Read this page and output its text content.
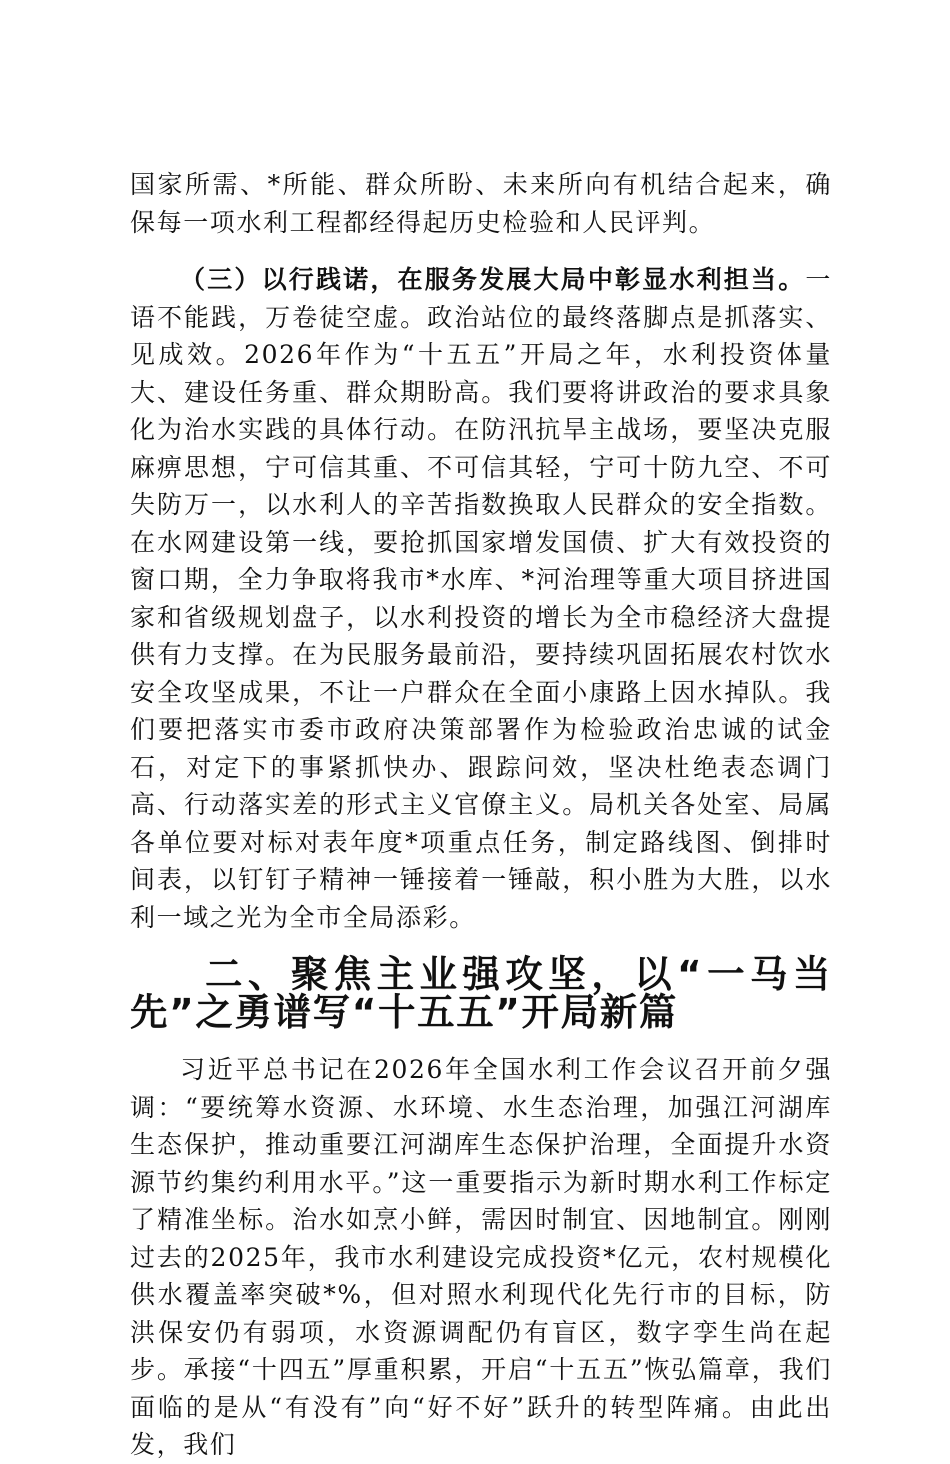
国家所需、*所能、群众所盼、未来所向有机结合起来，确保每一项水利工程都经得起历史检验和人民评判。

（三）以行践诺，在服务发展大局中彰显水利担当。一语不能践，万卷徒空虚。政治站位的最终落脚点是抓落实、见成效。2026年作为“十五五”开局之年，水利投资体量大、建设任务重、群众期盼高。我们要将讲政治的要求具象化为治水实践的具体行动。在防汛抗旱主战场，要坚决克服麻痹思想，宁可信其重、不可信其轻，宁可十防九空、不可失防万一，以水利人的辛苦指数换取人民群众的安全指数。在水网建设第一线，要抢抓国家增发国债、扩大有效投资的窗口期，全力争取将我市*水库、*河治理等重大项目挤进国家和省级规划盘子，以水利投资的增长为全市稳经济大盘提供有力支撑。在为民服务最前沿，要持续巩固拓展农村饮水安全攻坚成果，不让一户群众在全面小康路上因水掉队。我们要把落实市委市政府决策部署作为检验政治忠诚的试金石，对定下的事紧抓快办、跟踪问效，坚决杜绝表态调门高、行动落实差的形式主义官僚主义。局机关各处室、局属各单位要对标对表年度*项重点任务，制定路线图、倒排时间表，以钉钉子精神一锤接着一锤敲，积小胜为大胜，以水利一域之光为全市全局添彩。

二、聚焦主业强攻坚，以“一马当先”之勇谱写“十五五”开局新篇

习近平总书记在2026年全国水利工作会议召开前夕强调：“要统筹水资源、水环境、水生态治理，加强江河湖库生态保护，推动重要江河湖库生态保护治理，全面提升水资源节约集约利用水平。”这一重要指示为新时期水利工作标定了精准坐标。治水如烹小鲜，需因时制宜、因地制宜。刚刚过去的2025年，我市水利建设完成投资*亿元，农村规模化供水覆盖率突破*%，但对照水利现代化先行市的目标，防洪保安仍有弱项，水资源调配仍有盲区，数字孪生尚在起步。承接“十四五”厚重积累，开启“十五五”恢弘篇章，我们面临的是从“有没有”向“好不好”跃升的转型阵痛。由此出发，我们
